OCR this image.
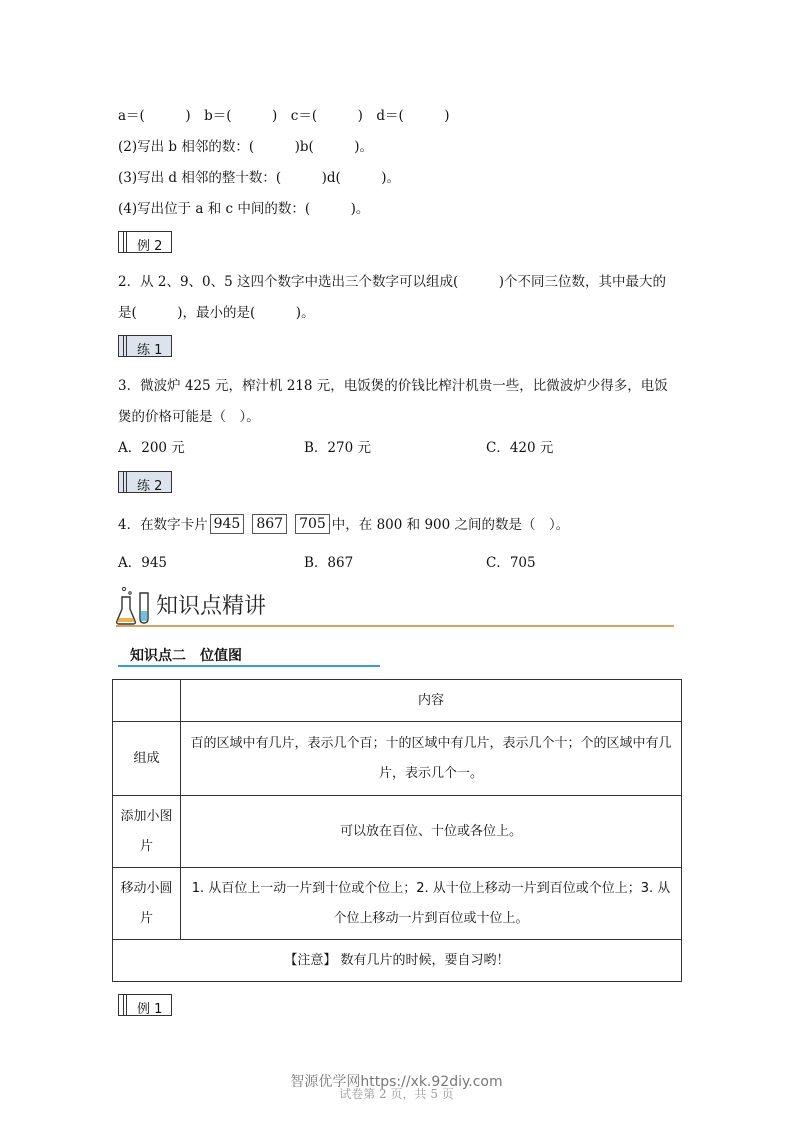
a＝(　　　)　b＝(　　　)　c＝(　　　)　d＝(　　　)
(2)写出 b 相邻的数：(　　　)b(　　　)。
(3)写出 d 相邻的整十数：(　　　)d(　　　)。
(4)写出位于 a 和 c 中间的数：(　　　)。
例 2
2．从 2、9、0、5 这四个数字中选出三个数字可以组成(　　　)个不同三位数，其中最大的
是(　　　)，最小的是(　　　)。
练 1
3．微波炉 425 元，榨汁机 218 元，电饭煲的价钱比榨汁机贵一些，比微波炉少得多，电饭
煲的价格可能是（　）。
A．200 元	B．270 元	C．420 元
练 2
4．在数字卡片 945 867 705 中，在 800 和 900 之间的数是（　）。
A．945	B．867	C．705
知识点精讲
知识点二　位值图
	内容
组成	百的区域中有几片，表示几个百；十的区域中有几片，表示几个十；个的区域中有几片，表示几个一。
添加小图片	可以放在百位、十位或各位上。
移动小圆片	1. 从百位上一动一片到十位或个位上；2. 从十位上移动一片到百位或个位上；3. 从个位上移动一片到百位或十位上。
【注意】 数有几片的时候，要自习哟！	
例 1
智源优学网https://xk.92diy.com
试卷第 2 页，共 5 页
